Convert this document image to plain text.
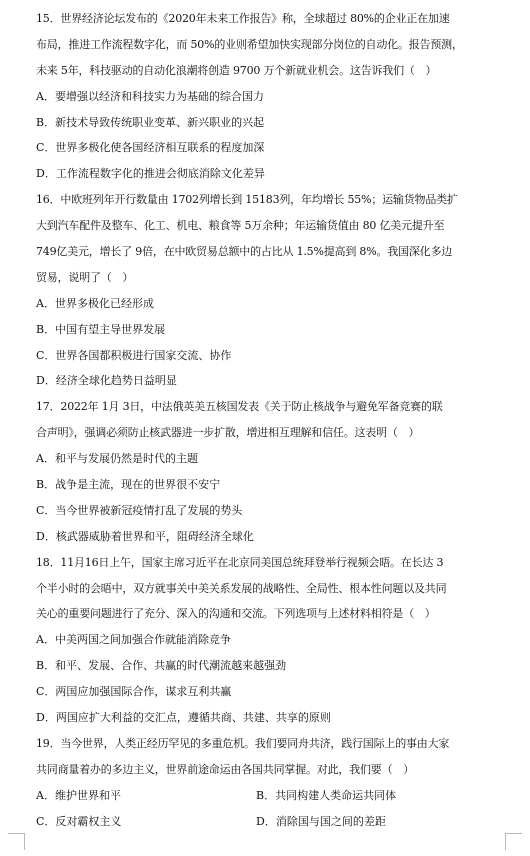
15．世界经济论坛发布的《2020年未来工作报告》称，全球超过 80%的企业正在加速
布局，推进工作流程数字化，而 50%的业则希望加快实现部分岗位的自动化。报告预测，
未来 5年，科技驱动的自动化浪潮将创造 9700 万个新就业机会。这告诉我们（　）
A．要增强以经济和科技实力为基础的综合国力
B．新技术导致传统职业变革、新兴职业的兴起
C．世界多极化使各国经济相互联系的程度加深
D．工作流程数字化的推进会彻底消除文化差异
16．中欧班列年开行数量由 1702列增长到 15183列，年均增长 55%；运输货物品类扩
大到汽车配件及整车、化工、机电、粮食等 5万余种；年运输货值由 80 亿美元提升至
749亿美元，增长了 9倍，在中欧贸易总额中的占比从 1.5%提高到 8%。我国深化多边
贸易，说明了（　）
A．世界多极化已经形成
B．中国有望主导世界发展
C．世界各国都积极进行国家交流、协作
D．经济全球化趋势日益明显
17．2022年 1月 3日，中法俄英美五核国发表《关于防止核战争与避免军备竞赛的联
合声明》，强调必须防止核武器进一步扩散，增进相互理解和信任。这表明（　）
A．和平与发展仍然是时代的主题
B．战争是主流，现在的世界很不安宁
C．当今世界被新冠疫情打乱了发展的势头
D．核武器威胁着世界和平，阻碍经济全球化
18．11月16日上午，国家主席习近平在北京同美国总统拜登举行视频会晤。在长达 3
个半小时的会晤中，双方就事关中美关系发展的战略性、全局性、根本性问题以及共同
关心的重要问题进行了充分、深入的沟通和交流。下列选项与上述材料相符是（　）
A．中美两国之间加强合作就能消除竞争
B．和平、发展、合作、共赢的时代潮流越来越强劲
C．两国应加强国际合作，谋求互利共赢
D．两国应扩大利益的交汇点，遵循共商、共建、共享的原则
19．当今世界，人类正经历罕见的多重危机。我们要同舟共济，践行国际上的事由大家
共同商量着办的多边主义，世界前途命运由各国共同掌握。对此，我们要（　）
A．维护世界和平	B．共同构建人类命运共同体
C．反对霸权主义	D．消除国与国之间的差距
